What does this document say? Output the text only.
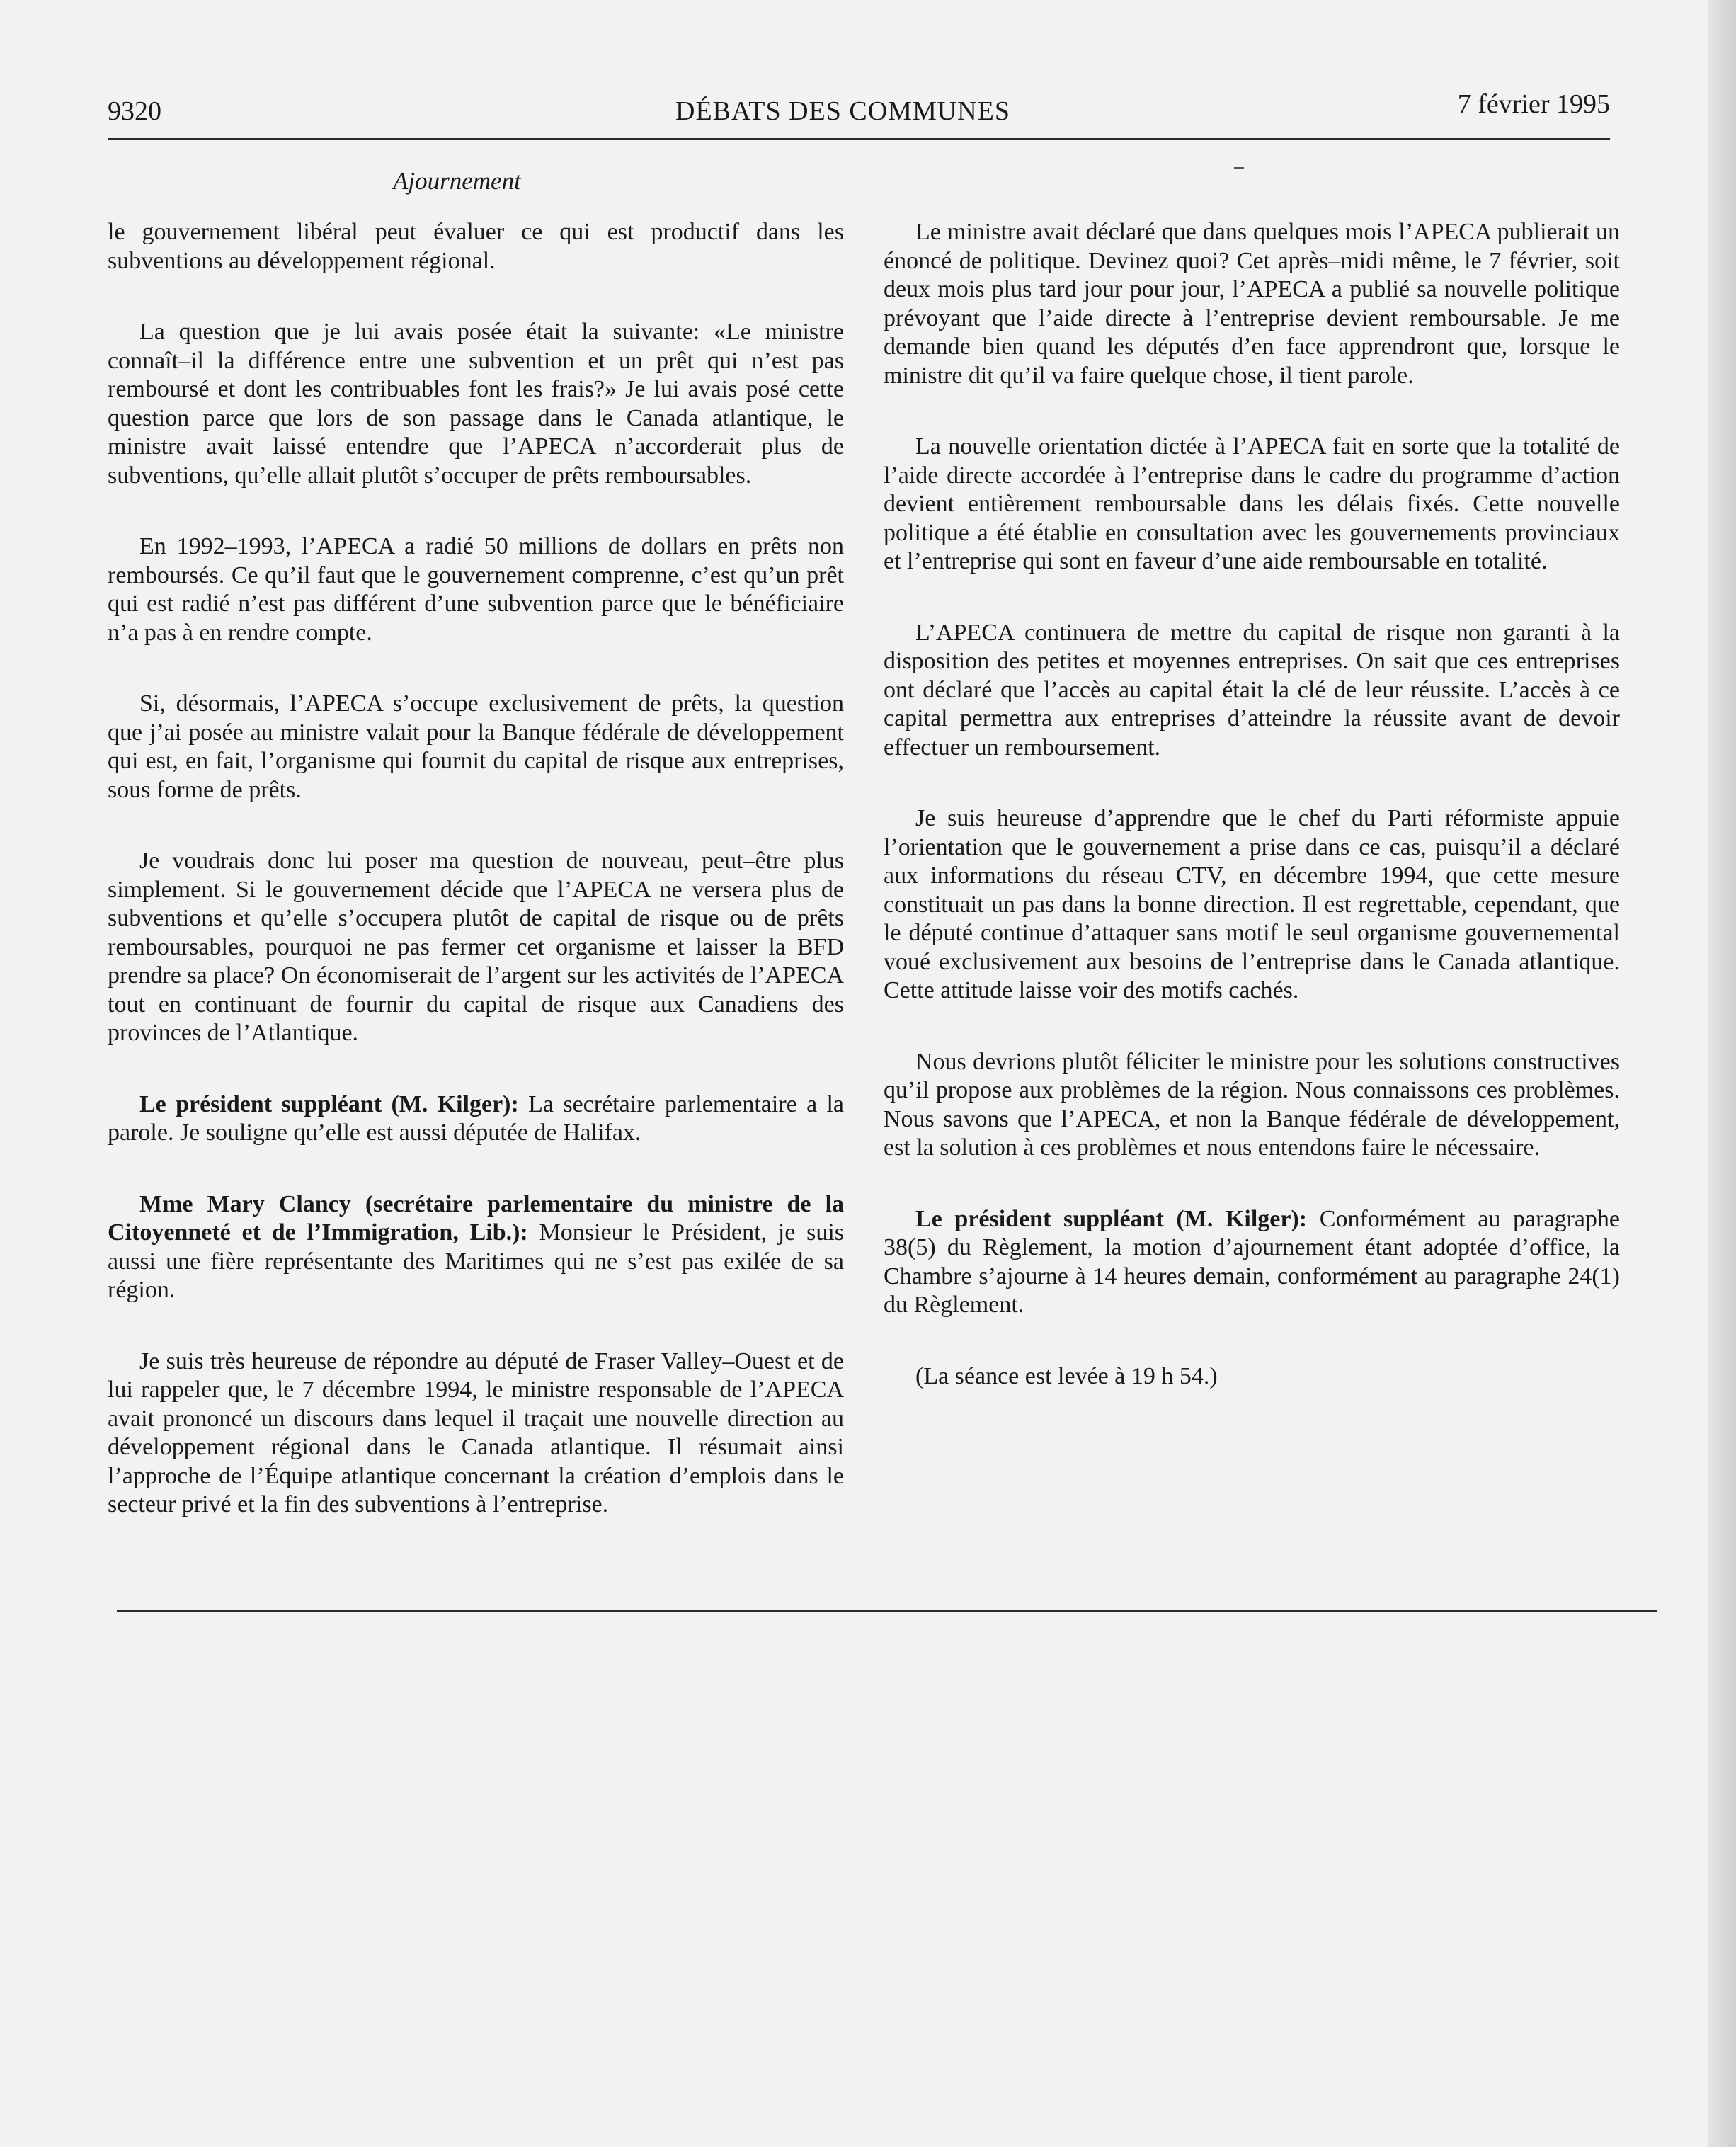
9320	DÉBATS DES COMMUNES	7 février 1995
Ajournement

le gouvernement libéral peut évaluer ce qui est productif dans les subventions au développement régional.

La question que je lui avais posée était la suivante: «Le ministre connaît–il la différence entre une subvention et un prêt qui n’est pas remboursé et dont les contribuables font les frais?» Je lui avais posé cette question parce que lors de son passage dans le Canada atlantique, le ministre avait laissé entendre que l’APECA n’accorderait plus de subventions, qu’elle allait plutôt s’occuper de prêts remboursables.

En 1992–1993, l’APECA a radié 50 millions de dollars en prêts non remboursés. Ce qu’il faut que le gouvernement comprenne, c’est qu’un prêt qui est radié n’est pas différent d’une subvention parce que le bénéficiaire n’a pas à en rendre compte.

Si, désormais, l’APECA s’occupe exclusivement de prêts, la question que j’ai posée au ministre valait pour la Banque fédérale de développement qui est, en fait, l’organisme qui fournit du capital de risque aux entreprises, sous forme de prêts.

Je voudrais donc lui poser ma question de nouveau, peut–être plus simplement. Si le gouvernement décide que l’APECA ne versera plus de subventions et qu’elle s’occupera plutôt de capital de risque ou de prêts remboursables, pourquoi ne pas fermer cet organisme et laisser la BFD prendre sa place? On économiserait de l’argent sur les activités de l’APECA tout en continuant de fournir du capital de risque aux Canadiens des provinces de l’Atlantique.

Le président suppléant (M. Kilger): La secrétaire parlementaire a la parole. Je souligne qu’elle est aussi députée de Halifax.

Mme Mary Clancy (secrétaire parlementaire du ministre de la Citoyenneté et de l’Immigration, Lib.): Monsieur le Président, je suis aussi une fière représentante des Maritimes qui ne s’est pas exilée de sa région.

Je suis très heureuse de répondre au député de Fraser Valley–Ouest et de lui rappeler que, le 7 décembre 1994, le ministre responsable de l’APECA avait prononcé un discours dans lequel il traçait une nouvelle direction au développement régional dans le Canada atlantique. Il résumait ainsi l’approche de l’Équipe atlantique concernant la création d’emplois dans le secteur privé et la fin des subventions à l’entreprise.

Le ministre avait déclaré que dans quelques mois l’APECA publierait un énoncé de politique. Devinez quoi? Cet après–midi même, le 7 février, soit deux mois plus tard jour pour jour, l’APECA a publié sa nouvelle politique prévoyant que l’aide directe à l’entreprise devient remboursable. Je me demande bien quand les députés d’en face apprendront que, lorsque le ministre dit qu’il va faire quelque chose, il tient parole.

La nouvelle orientation dictée à l’APECA fait en sorte que la totalité de l’aide directe accordée à l’entreprise dans le cadre du programme d’action devient entièrement remboursable dans les délais fixés. Cette nouvelle politique a été établie en consultation avec les gouvernements provinciaux et l’entreprise qui sont en faveur d’une aide remboursable en totalité.

L’APECA continuera de mettre du capital de risque non garanti à la disposition des petites et moyennes entreprises. On sait que ces entreprises ont déclaré que l’accès au capital était la clé de leur réussite. L’accès à ce capital permettra aux entreprises d’atteindre la réussite avant de devoir effectuer un remboursement.

Je suis heureuse d’apprendre que le chef du Parti réformiste appuie l’orientation que le gouvernement a prise dans ce cas, puisqu’il a déclaré aux informations du réseau CTV, en décembre 1994, que cette mesure constituait un pas dans la bonne direction. Il est regrettable, cependant, que le député continue d’attaquer sans motif le seul organisme gouvernemental voué exclusivement aux besoins de l’entreprise dans le Canada atlantique. Cette attitude laisse voir des motifs cachés.

Nous devrions plutôt féliciter le ministre pour les solutions constructives qu’il propose aux problèmes de la région. Nous connaissons ces problèmes. Nous savons que l’APECA, et non la Banque fédérale de développement, est la solution à ces problèmes et nous entendons faire le nécessaire.

Le président suppléant (M. Kilger): Conformément au paragraphe 38(5) du Règlement, la motion d’ajournement étant adoptée d’office, la Chambre s’ajourne à 14 heures demain, conformément au paragraphe 24(1) du Règlement.

(La séance est levée à 19 h 54.)
